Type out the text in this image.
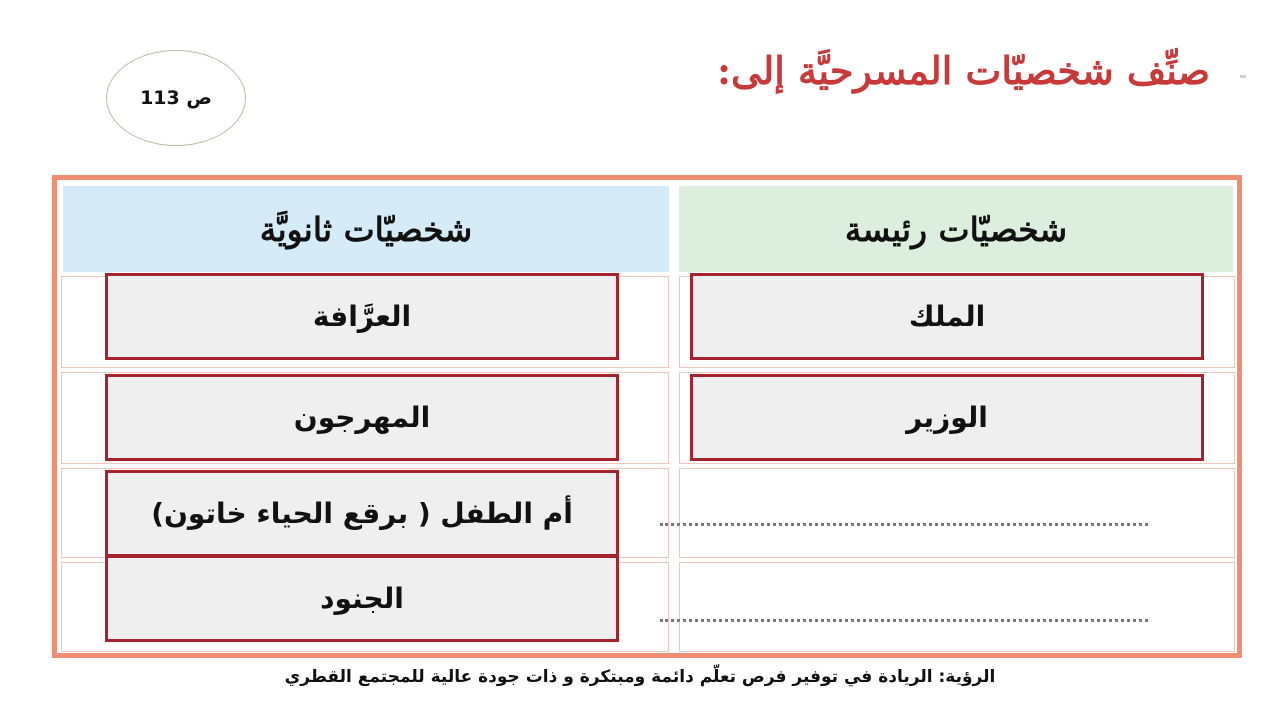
ص 113
صنِّف شخصيّات المسرحيَّة إلى:
شخصيّات رئيسة
شخصيّات ثانويَّة
الملك
الوزير
العرَّافة
المهرجون
أم الطفل ( برقع الحياء خاتون)
الجنود
الرؤية: الريادة في توفير فرص تعلّم دائمة ومبتكرة و ذات جودة عالية للمجتمع القطري
